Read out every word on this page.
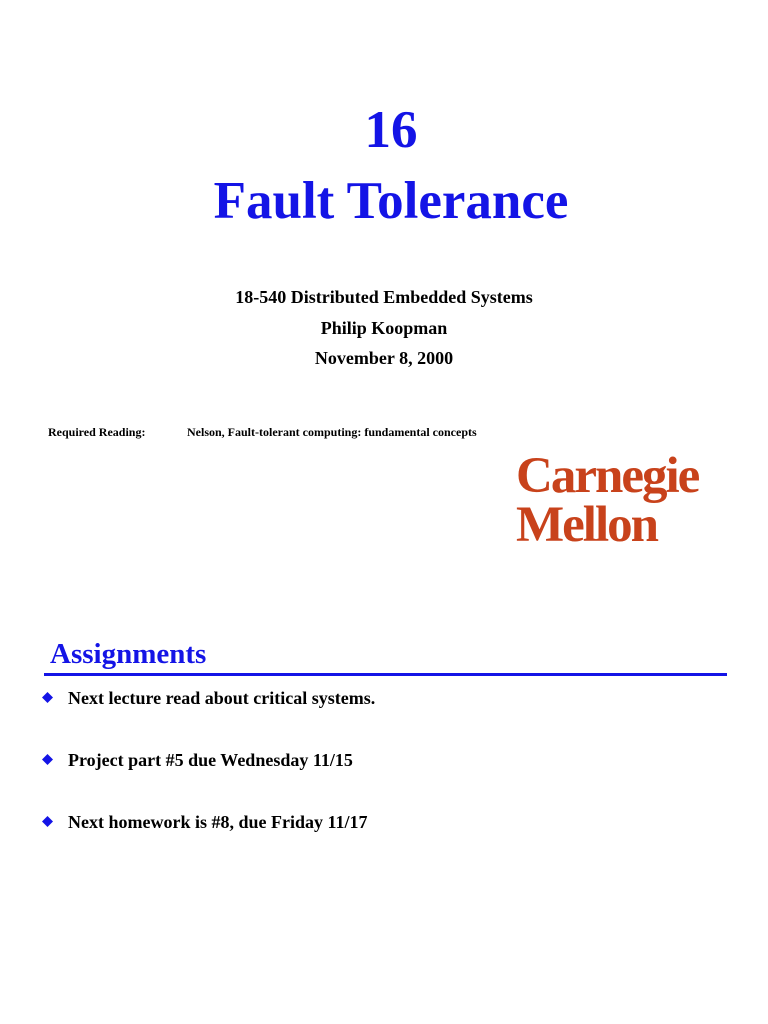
16
Fault Tolerance
18-540 Distributed Embedded Systems
Philip Koopman
November 8, 2000
Required Reading:	Nelson, Fault-tolerant computing: fundamental concepts
Carnegie
Mellon
Assignments
Next lecture read about critical systems.
Project part #5 due Wednesday 11/15
Next homework is #8, due Friday 11/17
